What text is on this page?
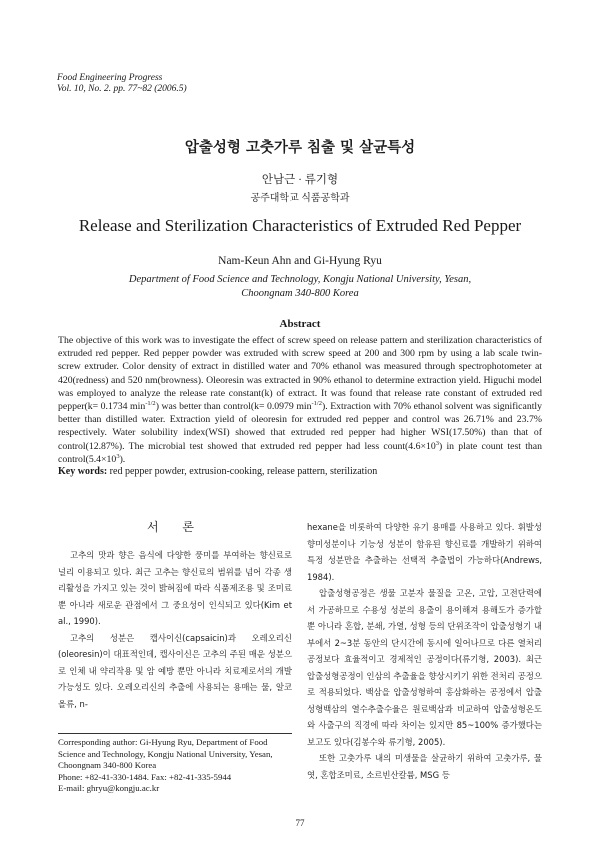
Food Engineering Progress
Vol. 10, No. 2. pp. 77~82 (2006.5)
압출성형 고춧가루 침출 및 살균특성
안남근 · 류기형
공주대학교 식품공학과
Release and Sterilization Characteristics of Extruded Red Pepper
Nam-Keun Ahn and Gi-Hyung Ryu
Department of Food Science and Technology, Kongju National University, Yesan,
Choongnam 340-800 Korea
Abstract
The objective of this work was to investigate the effect of screw speed on release pattern and sterilization characteristics of extruded red pepper. Red pepper powder was extruded with screw speed at 200 and 300 rpm by using a lab scale twin-screw extruder. Color density of extract in distilled water and 70% ethanol was measured through spectrophotometer at 420(redness) and 520 nm(browness). Oleoresin was extracted in 90% ethanol to determine extraction yield. Higuchi model was employed to analyze the release rate constant(k) of extract. It was found that release rate constant of extruded red pepper(k= 0.1734 $\min^{-1/2}$) was better than control(k= 0.0979 $\min^{-1/2}$). Extraction with 70% ethanol solvent was significantly better than distilled water. Extraction yield of oleoresin for extruded red pepper and control was 26.71% and 23.7% respectively. Water solubility index(WSI) showed that extruded red pepper had higher WSI(17.50%) than that of control(12.87%). The microbial test showed that extruded red pepper had less $count(4.6\times 10^3)$ in plate count test than $control(5.4\times 10^3)$.
Key words: red pepper powder, extrusion-cooking, release pattern, sterilization
서 론

고추의 맛과 향은 음식에 다양한 풍미를 부여하는 향신료로 널리 이용되고 있다. 최근 고추는 향신료의 범위를 넘어 각종 생리활성을 가지고 있는 것이 밝혀짐에 따라 식품제조용 및 조미료뿐 아니라 새로운 관점에서 그 중요성이 인식되고 있다(Kim et al., 1990).

고추의 성분은 캡사이신(capsaicin)과 오레오리신(oleoresin)이 대표적인데, 캡사이신은 고추의 주된 매운 성분으로 인체 내 약리작용 및 암 예방 뿐만 아니라 치료제로서의 개발 가능성도 있다. 오레오리신의 추출에 사용되는 용매는 물, 알코올류, n-

hexane을 비롯하여 다양한 유기 용매를 사용하고 있다. 휘발성 향미성분이나 기능성 성분이 함유된 향신료를 개발하기 위하여 특정 성분만을 추출하는 선택적 추출법이 가능하다(Andrews, 1984).

압출성형공정은 생물 고분자 물질을 고온, 고압, 고전단력에서 가공하므로 수용성 성분의 용출이 용이해져 용해도가 증가할 뿐 아니라 혼합, 분쇄, 가열, 성형 등의 단위조작이 압출성형기 내부에서 2~3분 동안의 단시간에 동시에 일어나므로 다른 열처리 공정보다 효율적이고 경제적인 공정이다(류기형, 2003). 최근 압출성형공정이 인삼의 추출율을 향상시키기 위한 전처리 공정으로 적용되었다. 백삼을 압출성형하여 홍삼화하는 공정에서 압출성형백삼의 열수추출수율은 원료백삼과 비교하여 압출성형온도와 사출구의 직경에 따라 차이는 있지만 85~100% 증가했다는 보고도 있다(김봉수와 류기형, 2005).

또한 고춧가루 내의 미생물을 살균하기 위하여 고춧가루, 물엿, 혼합조미료, 소르빈산칼륨, MSG 등

Corresponding author: Gi-Hyung Ryu, Department of Food
Science and Technology, Kongju National University, Yesan,
Choongnam 340-800 Korea
Phone: +82-41-330-1484. Fax: +82-41-335-5944
E-mail: ghryu@kongju.ac.kr
77
